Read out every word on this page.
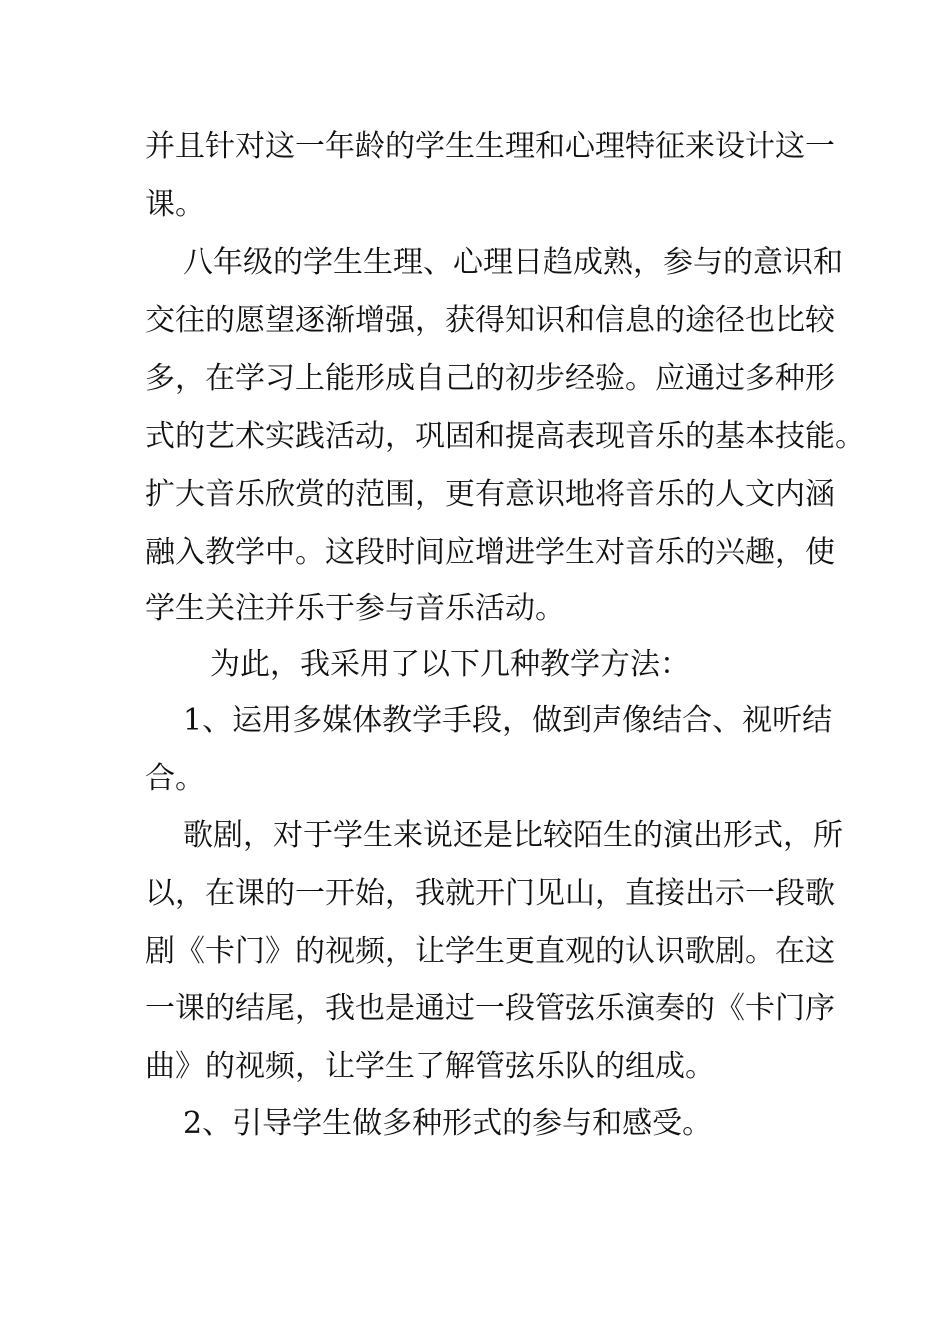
并且针对这一年龄的学生生理和心理特征来设计这一

课。

八年级的学生生理、心理日趋成熟，参与的意识和

交往的愿望逐渐增强，获得知识和信息的途径也比较

多，在学习上能形成自己的初步经验。应通过多种形

式的艺术实践活动，巩固和提高表现音乐的基本技能。

扩大音乐欣赏的范围，更有意识地将音乐的人文内涵

融入教学中。这段时间应增进学生对音乐的兴趣，使

学生关注并乐于参与音乐活动。

为此，我采用了以下几种教学方法：

1、运用多媒体教学手段，做到声像结合、视听结

合。

歌剧，对于学生来说还是比较陌生的演出形式，所

以，在课的一开始，我就开门见山，直接出示一段歌

剧《卡门》的视频，让学生更直观的认识歌剧。在这

一课的结尾，我也是通过一段管弦乐演奏的《卡门序

曲》的视频，让学生了解管弦乐队的组成。

2、引导学生做多种形式的参与和感受。
